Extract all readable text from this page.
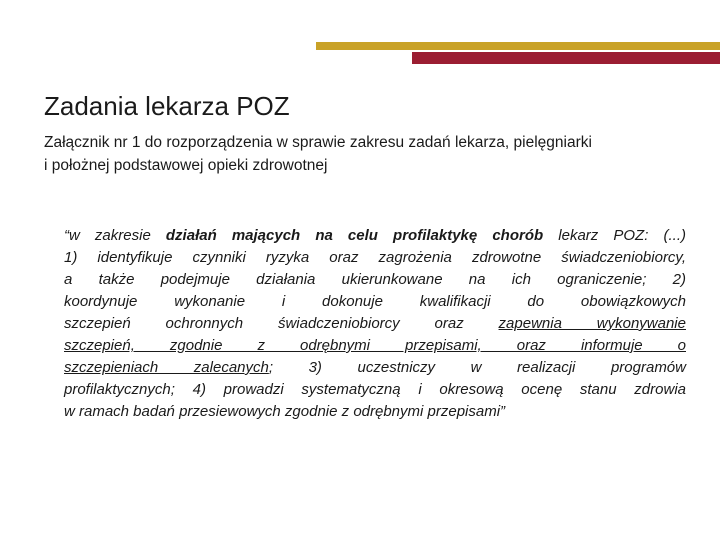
Zadania lekarza POZ
Załącznik nr 1 do rozporządzenia w sprawie zakresu zadań lekarza, pielęgniarki
i położnej podstawowej opieki zdrowotnej
“w zakresie działań mających na celu profilaktykę chorób lekarz POZ: (...)
1) identyfikuje czynniki ryzyka oraz zagrożenia zdrowotne świadczeniobiorcy,
a także podejmuje działania ukierunkowane na ich ograniczenie; 2)
koordynuje wykonanie i dokonuje kwalifikacji do obowiązkowych
szczepień ochronnych świadczeniobiorcy oraz zapewnia wykonywanie
szczepień, zgodnie z odrębnymi przepisami, oraz informuje o
szczepieniach zalecanych; 3) uczestniczy w realizacji programów
profilaktycznych; 4) prowadzi systematyczną i okresową ocenę stanu zdrowia
w ramach badań przesiewowych zgodnie z odrębnymi przepisami”
